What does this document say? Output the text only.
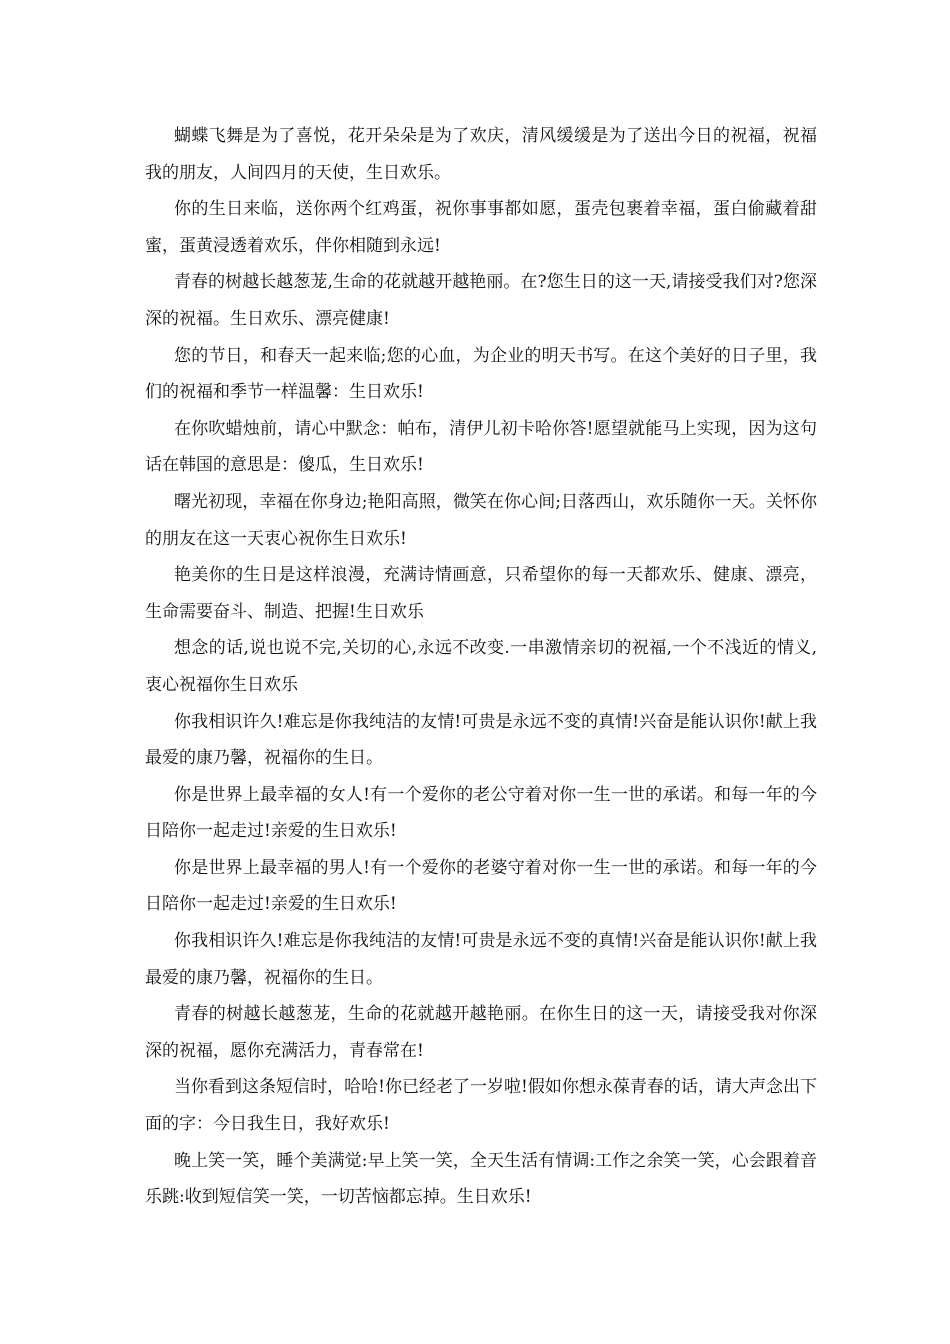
蝴蝶飞舞是为了喜悦，花开朵朵是为了欢庆，清风缓缓是为了送出今日的祝福，祝福我的朋友，人间四月的天使，生日欢乐。

你的生日来临，送你两个红鸡蛋，祝你事事都如愿，蛋壳包裹着幸福，蛋白偷藏着甜蜜，蛋黄浸透着欢乐，伴你相随到永远!

青春的树越长越葱茏,生命的花就越开越艳丽。在?您生日的这一天,请接受我们对?您深深的祝福。生日欢乐、漂亮健康!

您的节日，和春天一起来临;您的心血，为企业的明天书写。在这个美好的日子里，我们的祝福和季节一样温馨：生日欢乐!

在你吹蜡烛前，请心中默念：帕布，清伊儿初卡哈你答!愿望就能马上实现，因为这句话在韩国的意思是：傻瓜，生日欢乐!

曙光初现，幸福在你身边;艳阳高照，微笑在你心间;日落西山，欢乐随你一天。关怀你的朋友在这一天衷心祝你生日欢乐!

艳美你的生日是这样浪漫，充满诗情画意，只希望你的每一天都欢乐、健康、漂亮，生命需要奋斗、制造、把握!生日欢乐

想念的话,说也说不完,关切的心,永远不改变.一串激情亲切的祝福,一个不浅近的情义,衷心祝福你生日欢乐

你我相识许久!难忘是你我纯洁的友情!可贵是永远不变的真情!兴奋是能认识你!献上我最爱的康乃馨，祝福你的生日。

你是世界上最幸福的女人!有一个爱你的老公守着对你一生一世的承诺。和每一年的今日陪你一起走过!亲爱的生日欢乐!

你是世界上最幸福的男人!有一个爱你的老婆守着对你一生一世的承诺。和每一年的今日陪你一起走过!亲爱的生日欢乐!

你我相识许久!难忘是你我纯洁的友情!可贵是永远不变的真情!兴奋是能认识你!献上我最爱的康乃馨，祝福你的生日。

青春的树越长越葱茏，生命的花就越开越艳丽。在你生日的这一天，请接受我对你深深的祝福，愿你充满活力，青春常在!

当你看到这条短信时，哈哈!你已经老了一岁啦!假如你想永葆青春的话，请大声念出下面的字：今日我生日，我好欢乐!

晚上笑一笑，睡个美满觉:早上笑一笑，全天生活有情调:工作之余笑一笑，心会跟着音乐跳:收到短信笑一笑，一切苦恼都忘掉。生日欢乐!
